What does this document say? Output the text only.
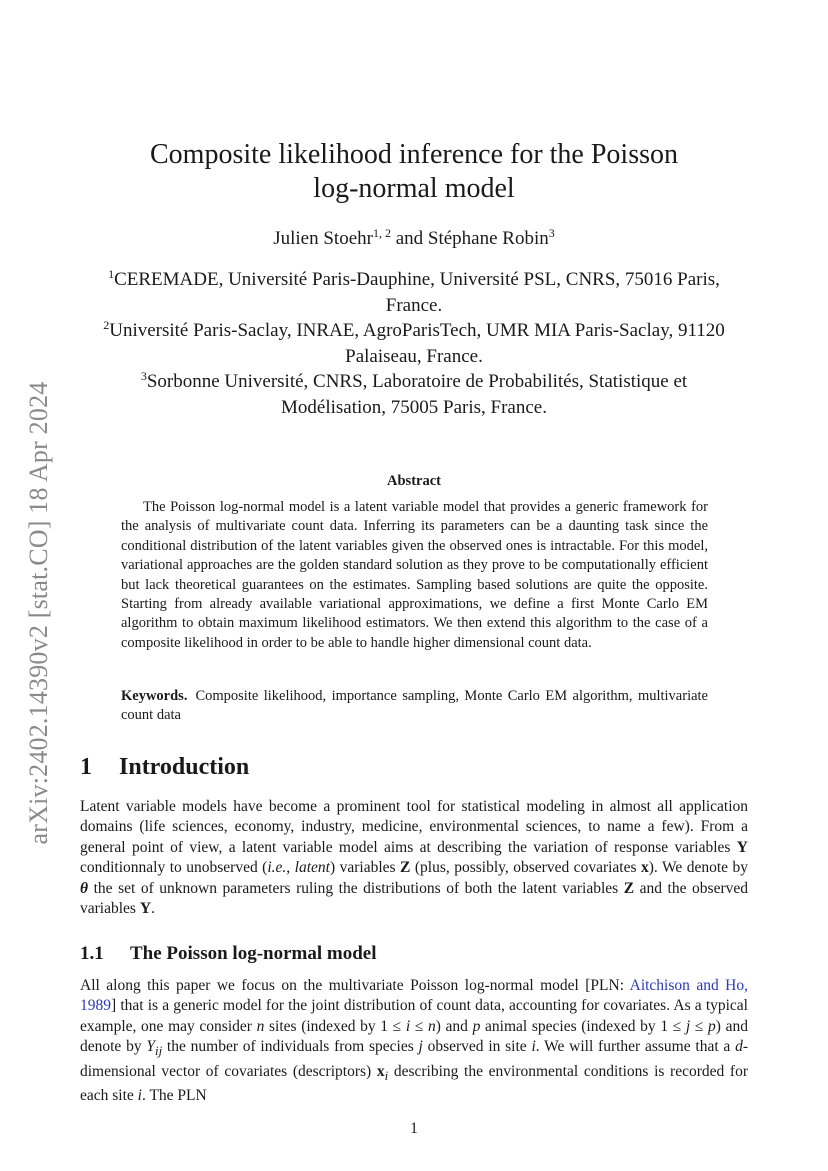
arXiv:2402.14390v2 [stat.CO] 18 Apr 2024
Composite likelihood inference for the Poisson
log-normal model
Julien Stoehr$^{1, 2}$ and Stéphane Robin$^3$

$^1$CEREMADE, Université Paris-Dauphine, Université PSL, CNRS, 75016 Paris, France.

$^2$Université Paris-Saclay, INRAE, AgroParisTech, UMR MIA Paris-Saclay, 91120 Palaiseau, France.

$^3$Sorbonne Université, CNRS, Laboratoire de Probabilités, Statistique et Modélisation, 75005 Paris, France.

Abstract

The Poisson log-normal model is a latent variable model that provides a generic framework for the analysis of multivariate count data. Inferring its parameters can be a daunting task since the conditional distribution of the latent variables given the observed ones is intractable. For this model, variational approaches are the golden standard solution as they prove to be computationally efficient but lack theoretical guarantees on the estimates. Sampling based solutions are quite the opposite. Starting from already available variational approximations, we define a first Monte Carlo EM algorithm to obtain maximum likelihood estimators. We then extend this algorithm to the case of a composite likelihood in order to be able to handle higher dimensional count data.

Keywords. Composite likelihood, importance sampling, Monte Carlo EM algorithm, multivariate count data

1 Introduction

Latent variable models have become a prominent tool for statistical modeling in almost all application domains (life sciences, economy, industry, medicine, environmental sciences, to name a few). From a general point of view, a latent variable model aims at describing the variation of response variables Y conditionnaly to unobserved (i.e., latent) variables Z (plus, possibly, observed covariates x). We denote by θ the set of unknown parameters ruling the distributions of both the latent variables Z and the observed variables Y.

1.1 The Poisson log-normal model

All along this paper we focus on the multivariate Poisson log-normal model [PLN: Aitchison and Ho, 1989] that is a generic model for the joint distribution of count data, accounting for covariates. As a typical example, one may consider n sites (indexed by 1 ≤ i ≤ n) and p animal species (indexed by 1 ≤ j ≤ p) and denote by $Y_{ij}$ the number of individuals from species j observed in site i. We will further assume that a d-dimensional vector of covariates (descriptors) $x_i$ describing the environmental conditions is recorded for each site i. The PLN

1
